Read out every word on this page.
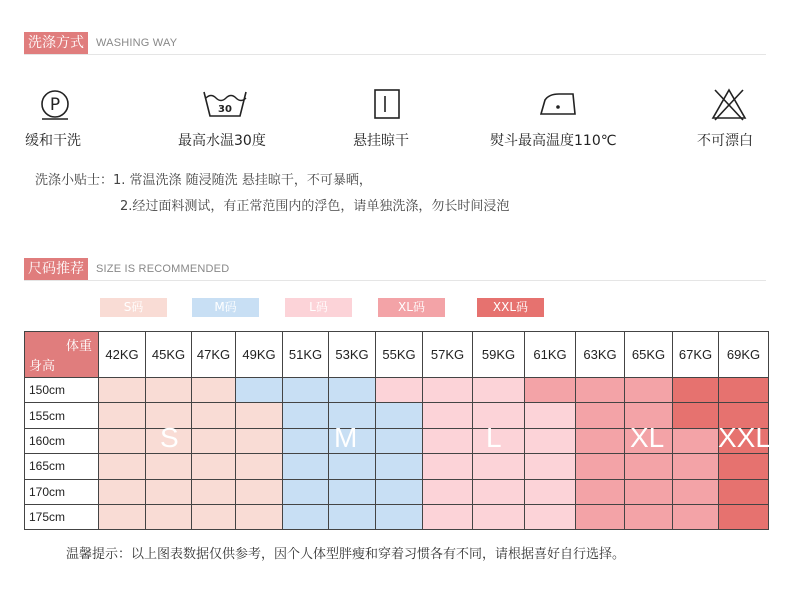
洗涤方式	WASHING WAY
P
缓和干洗
30
最高水温30度	悬挂晾干	熨斗最高温度110℃	不可漂白
洗涤小贴士：1. 常温洗涤 随浸随洗 悬挂晾干，不可暴晒，
2.经过面料测试，有正常范围内的浮色，请单独洗涤，勿长时间浸泡
尺码推荐	SIZE IS RECOMMENDED
S码	M码	L码	XL码	XXL码
体重
身高	42KG	45KG	47KG	49KG	51KG	53KG	55KG	57KG	59KG	61KG	63KG	65KG	67KG	69KG
150cm														
155cm														
160cm														
165cm														
170cm														
175cm														
S	M	L	XL XXL
温馨提示：以上图表数据仅供参考，因个人体型胖瘦和穿着习惯各有不同，请根据喜好自行选择。
